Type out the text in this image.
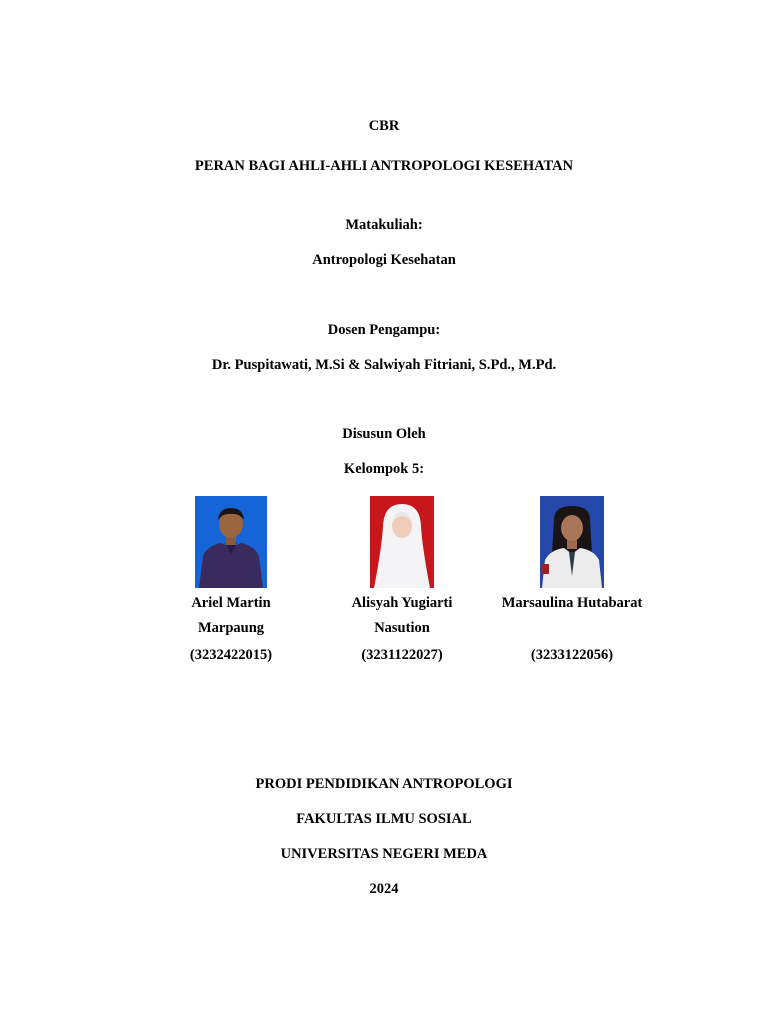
CBR
PERAN BAGI AHLI-AHLI ANTROPOLOGI KESEHATAN
Matakuliah:
Antropologi Kesehatan
Dosen Pengampu:
Dr. Puspitawati, M.Si & Salwiyah Fitriani, S.Pd., M.Pd.
Disusun Oleh
Kelompok 5:
Ariel Martin
Marpaung
(3232422015)
Alisyah Yugiarti
Nasution
(3231122027)
Marsaulina Hutabarat
(3233122056)
PRODI PENDIDIKAN ANTROPOLOGI
FAKULTAS ILMU SOSIAL
UNIVERSITAS NEGERI MEDA
2024
